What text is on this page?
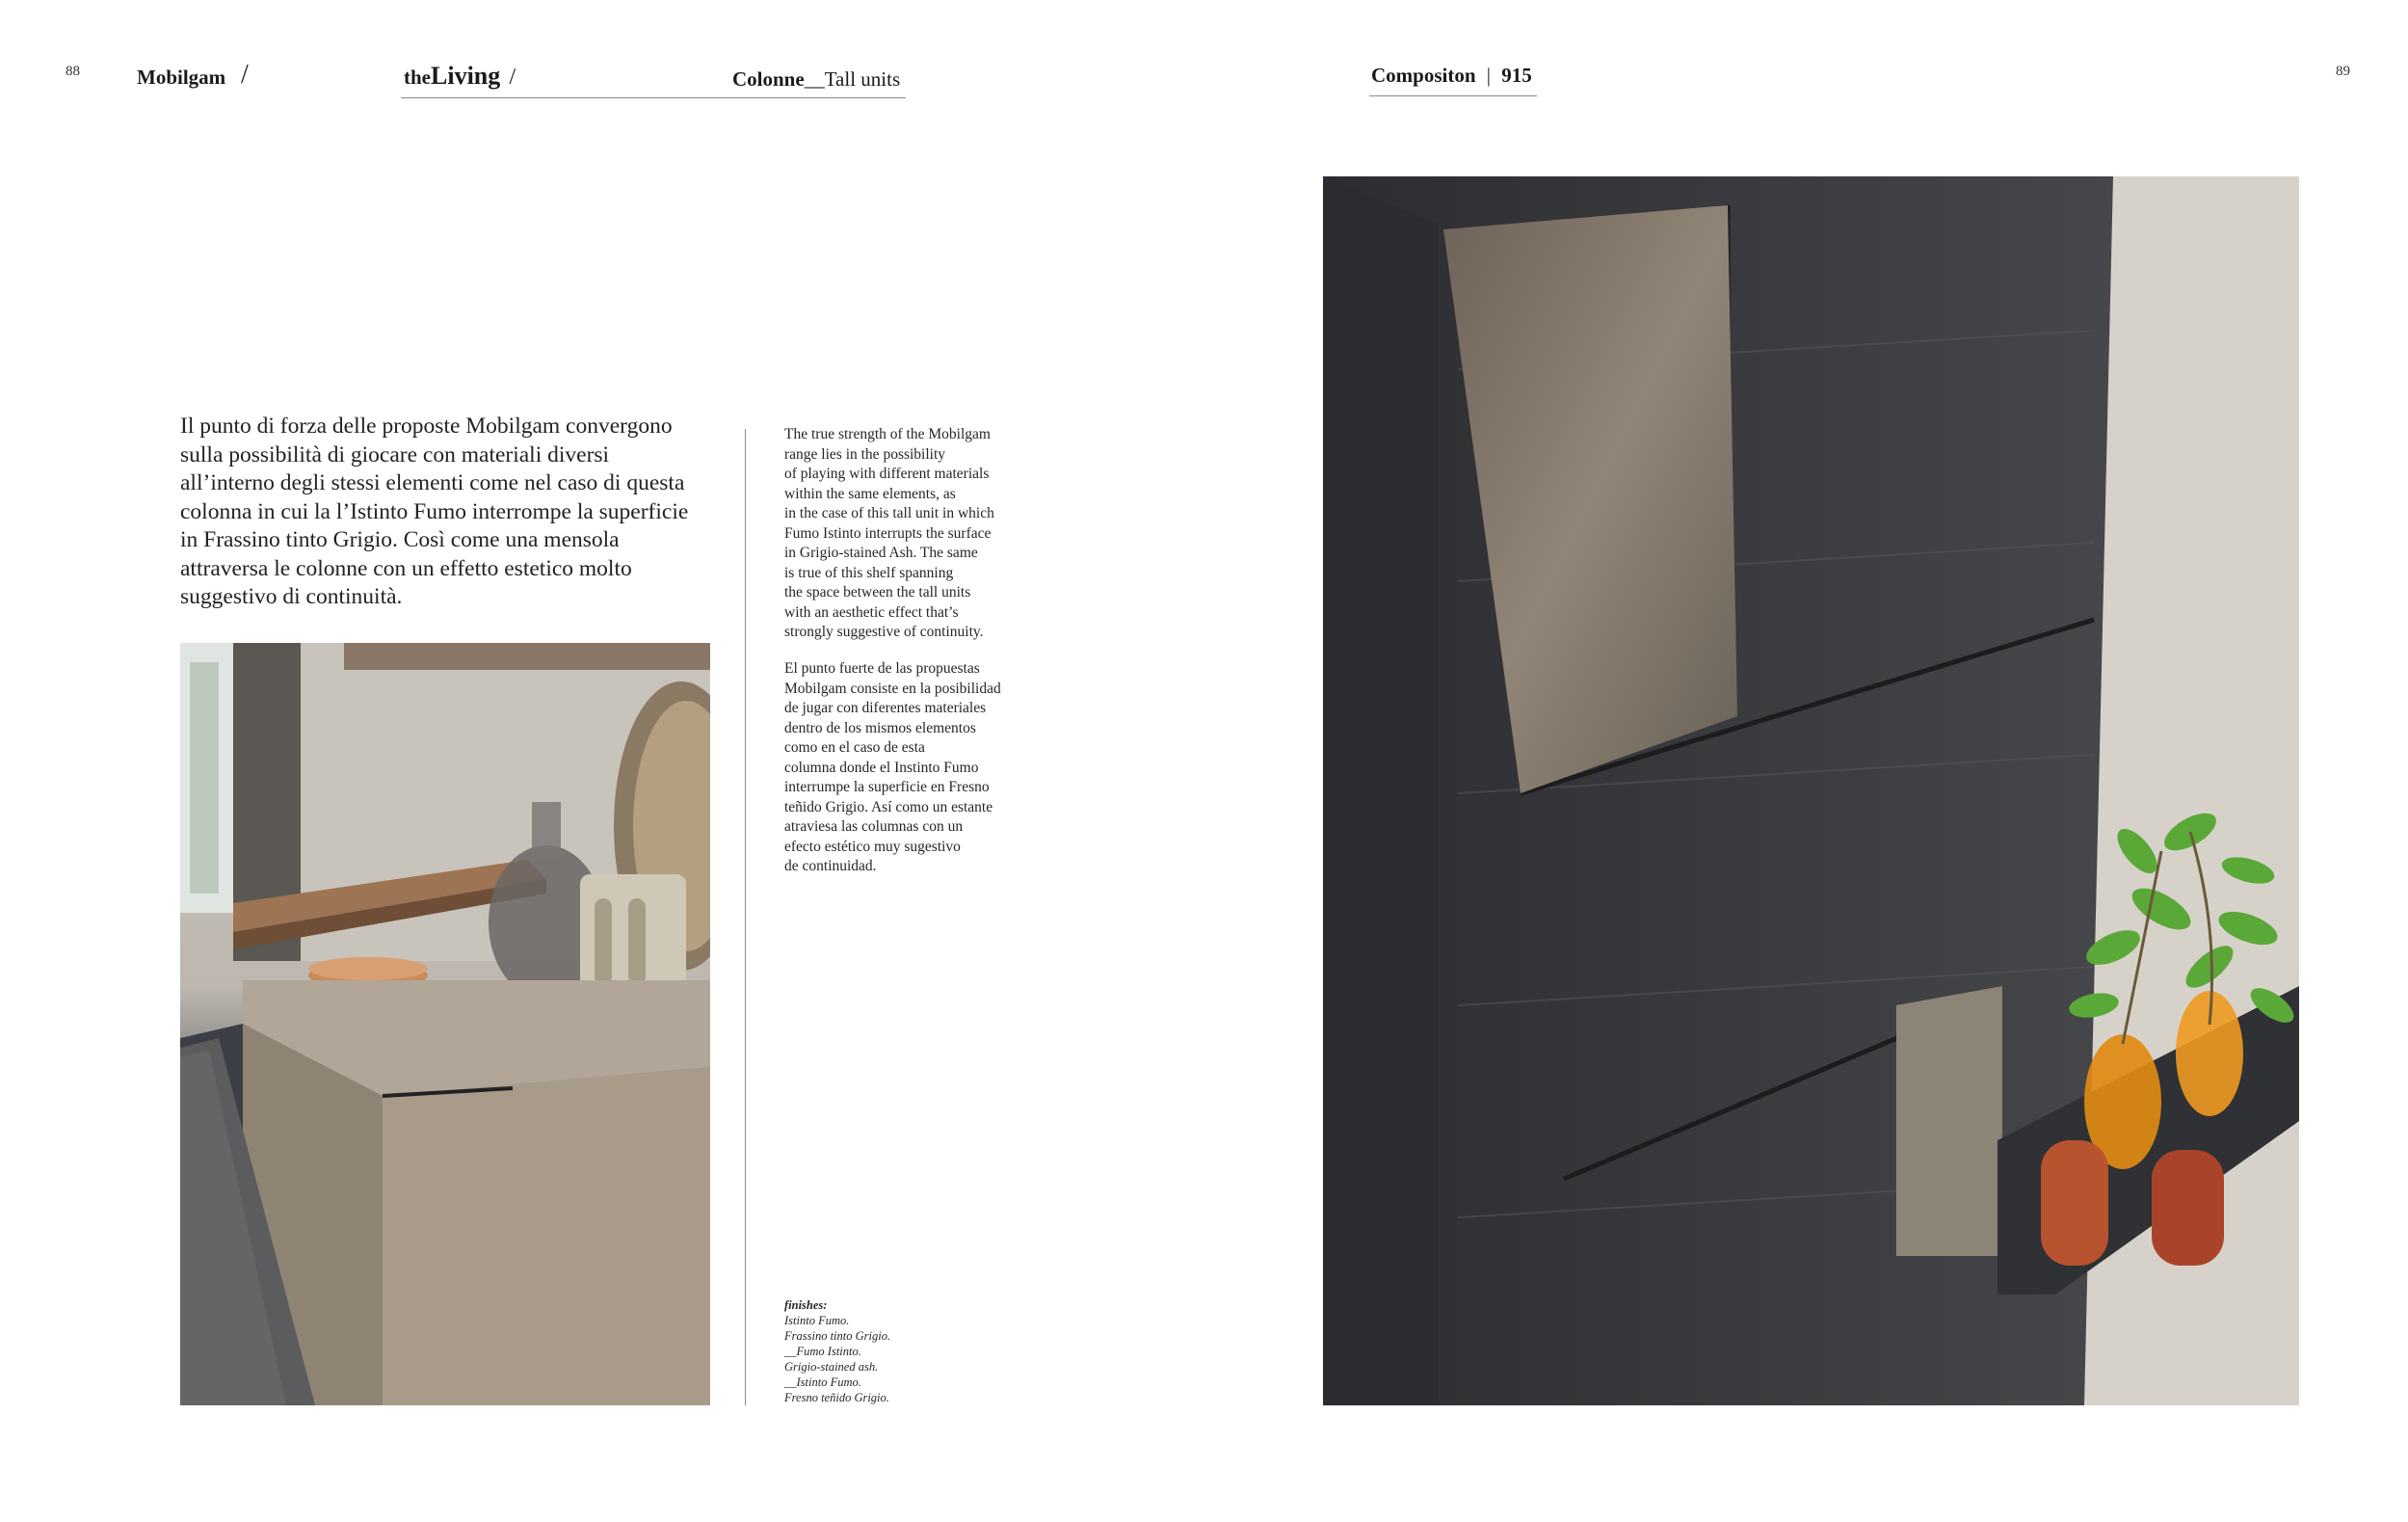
88	Mobilgam /	theLiving /	Colonne__Tall units	Compositon | 915	89
Il punto di forza delle proposte Mobilgam convergono
sulla possibilità di giocare con materiali diversi
all’interno degli stessi elementi come nel caso di questa
colonna in cui la l’Istinto Fumo interrompe la superficie
in Frassino tinto Grigio. Così come una mensola
attraversa le colonne con un effetto estetico molto
suggestivo di continuità.
The true strength of the Mobilgam
range lies in the possibility
of playing with different materials
within the same elements, as
in the case of this tall unit in which
Fumo Istinto interrupts the surface
in Grigio-stained Ash. The same
is true of this shelf spanning
the space between the tall units
with an aesthetic effect that’s
strongly suggestive of continuity.
El punto fuerte de las propuestas
Mobilgam consiste en la posibilidad
de jugar con diferentes materiales
dentro de los mismos elementos
como en el caso de esta
columna donde el Instinto Fumo
interrumpe la superficie en Fresno
teñido Grigio. Así como un estante
atraviesa las columnas con un
efecto estético muy sugestivo
de continuidad.
finishes:
Istinto Fumo.
Frassino tinto Grigio.
__Fumo Istinto.
Grigio-stained ash.
__Istinto Fumo.
Fresno teñido Grigio.
